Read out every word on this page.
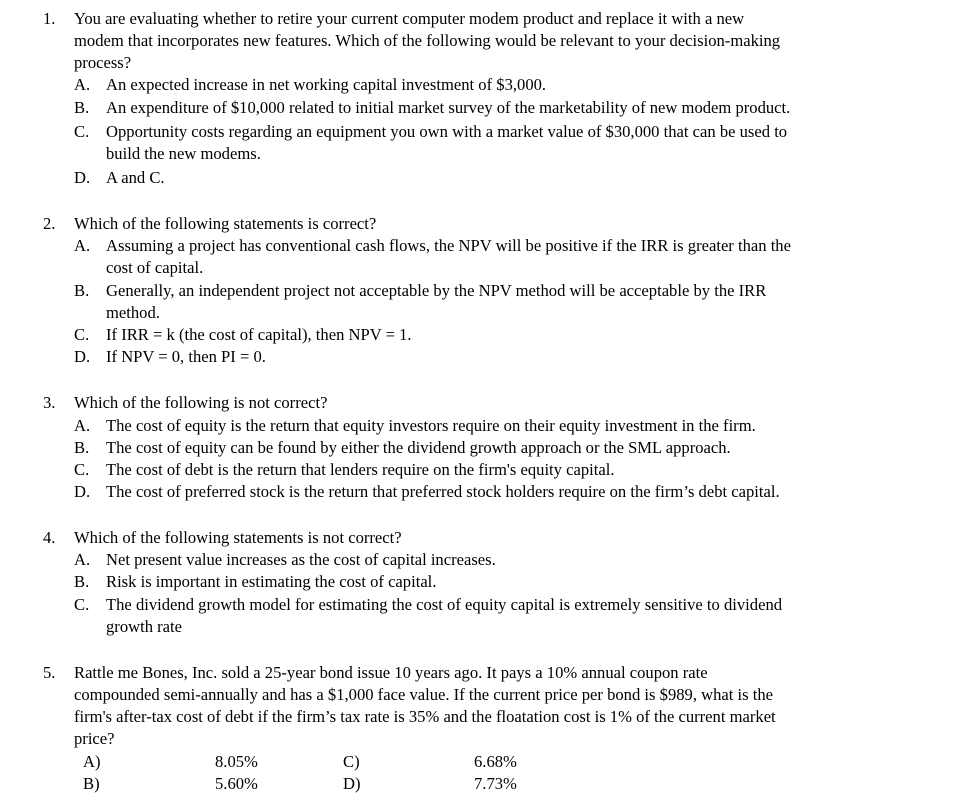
1. You are evaluating whether to retire your current computer modem product and replace it with a new
modem that incorporates new features. Which of the following would be relevant to your decision-making
process?
A. An expected increase in net working capital investment of $3,000.
B. An expenditure of $10,000 related to initial market survey of the marketability of new modem product.
C. Opportunity costs regarding an equipment you own with a market value of $30,000 that can be used to
build the new modems.
D. A and C.
2. Which of the following statements is correct?
A. Assuming a project has conventional cash flows, the NPV will be positive if the IRR is greater than the
cost of capital.
B. Generally, an independent project not acceptable by the NPV method will be acceptable by the IRR
method.
C. If IRR = k (the cost of capital), then NPV = 1.
D. If NPV = 0, then PI = 0.
3. Which of the following is not correct?
A. The cost of equity is the return that equity investors require on their equity investment in the firm.
B. The cost of equity can be found by either the dividend growth approach or the SML approach.
C. The cost of debt is the return that lenders require on the firm's equity capital.
D. The cost of preferred stock is the return that preferred stock holders require on the firm’s debt capital.
4. Which of the following statements is not correct?
A. Net present value increases as the cost of capital increases.
B. Risk is important in estimating the cost of capital.
C. The dividend growth model for estimating the cost of equity capital is extremely sensitive to dividend
growth rate
5. Rattle me Bones, Inc. sold a 25-year bond issue 10 years ago. It pays a 10% annual coupon rate
compounded semi-annually and has a $1,000 face value. If the current price per bond is $989, what is the
firm's after-tax cost of debt if the firm’s tax rate is 35% and the floatation cost is 1% of the current market
price?
A)	8.05%	C)	6.68%
B)	5.60%	D)	7.73%
